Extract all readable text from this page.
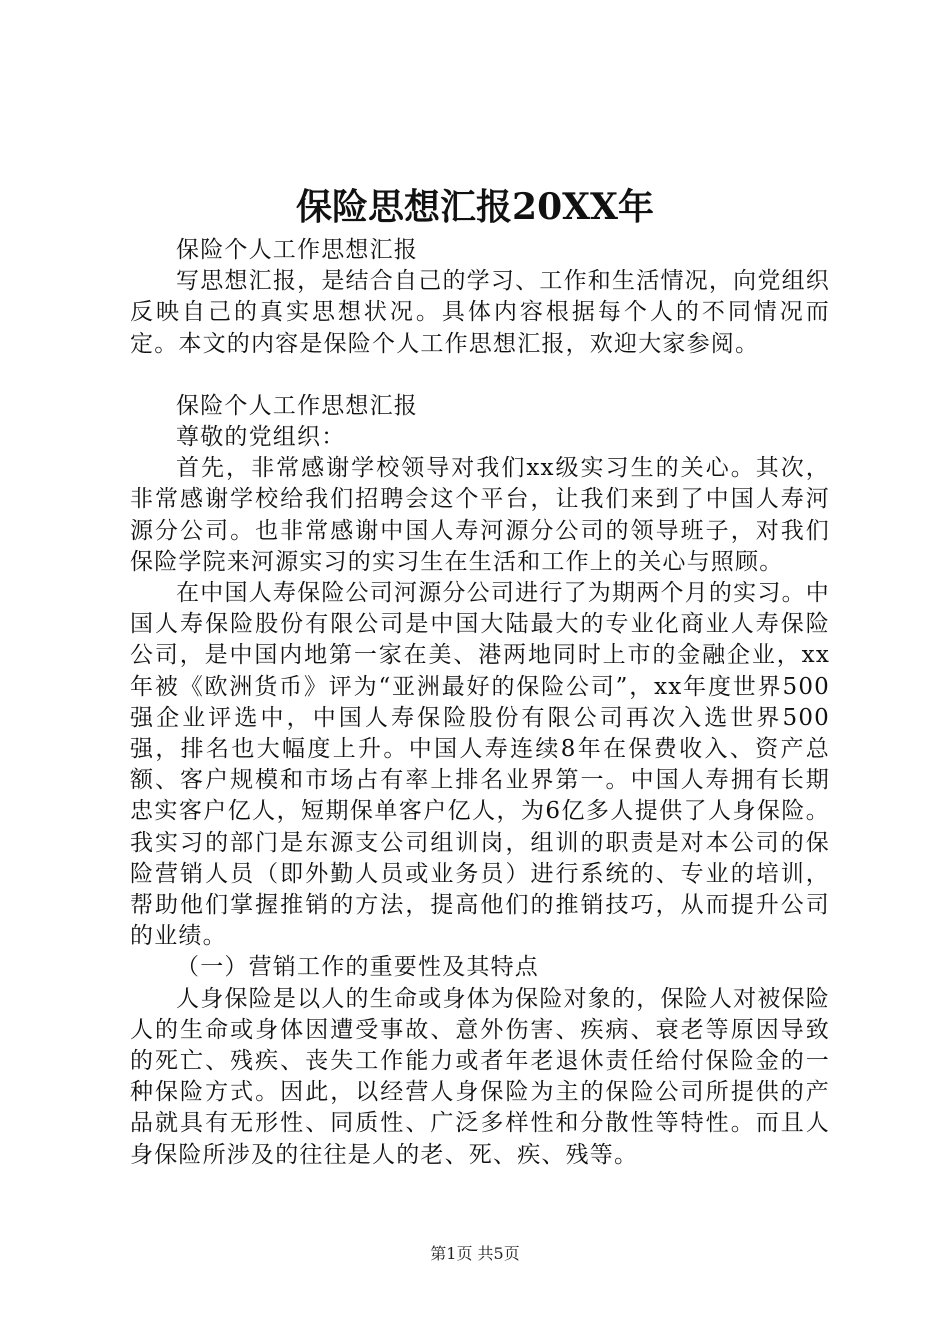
保险思想汇报20XX年

保险个人工作思想汇报

写思想汇报，是结合自己的学习、工作和生活情况，向党组织反映自己的真实思想状况。具体内容根据每个人的不同情况而定。本文的内容是保险个人工作思想汇报，欢迎大家参阅。

保险个人工作思想汇报

尊敬的党组织：

首先，非常感谢学校领导对我们xx级实习生的关心。其次，非常感谢学校给我们招聘会这个平台，让我们来到了中国人寿河源分公司。也非常感谢中国人寿河源分公司的领导班子，对我们保险学院来河源实习的实习生在生活和工作上的关心与照顾。

在中国人寿保险公司河源分公司进行了为期两个月的实习。中国人寿保险股份有限公司是中国大陆最大的专业化商业人寿保险公司，是中国内地第一家在美、港两地同时上市的金融企业，xx年被《欧洲货币》评为“亚洲最好的保险公司”，xx年度世界500强企业评选中，中国人寿保险股份有限公司再次入选世界500强，排名也大幅度上升。中国人寿连续8年在保费收入、资产总额、客户规模和市场占有率上排名业界第一。中国人寿拥有长期忠实客户亿人，短期保单客户亿人，为6亿多人提供了人身保险。我实习的部门是东源支公司组训岗，组训的职责是对本公司的保险营销人员（即外勤人员或业务员）进行系统的、专业的培训，帮助他们掌握推销的方法，提高他们的推销技巧，从而提升公司的业绩。

（一）营销工作的重要性及其特点

人身保险是以人的生命或身体为保险对象的，保险人对被保险人的生命或身体因遭受事故、意外伤害、疾病、衰老等原因导致的死亡、残疾、丧失工作能力或者年老退休责任给付保险金的一种保险方式。因此，以经营人身保险为主的保险公司所提供的产品就具有无形性、同质性、广泛多样性和分散性等特性。而且人身保险所涉及的往往是人的老、死、疾、残等。

第1页 共5页
